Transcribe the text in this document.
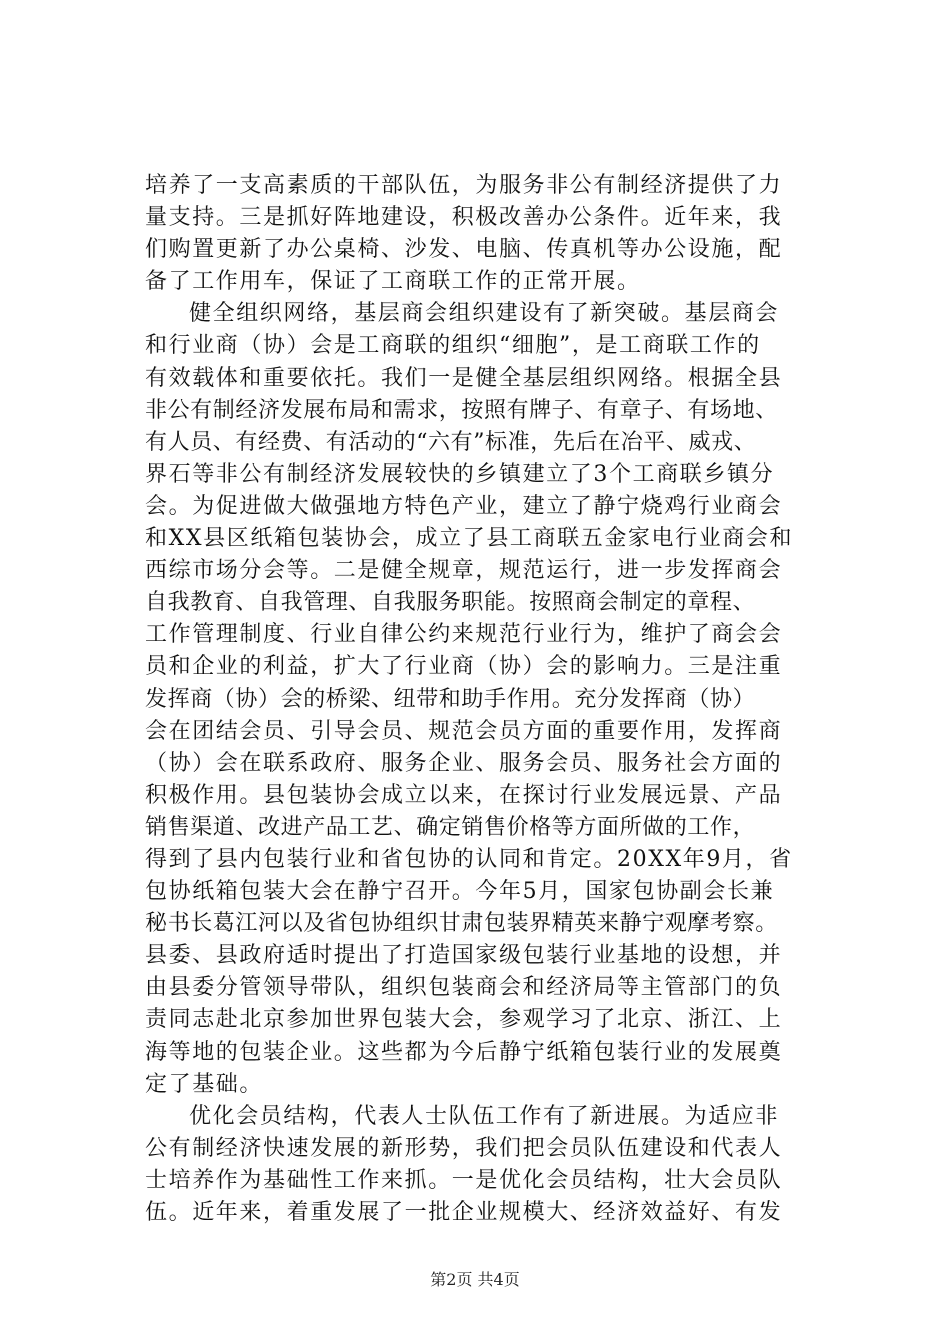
培养了一支高素质的干部队伍，为服务非公有制经济提供了力
量支持。三是抓好阵地建设，积极改善办公条件。近年来，我
们购置更新了办公桌椅、沙发、电脑、传真机等办公设施，配
备了工作用车，保证了工商联工作的正常开展。
健全组织网络，基层商会组织建设有了新突破。基层商会
和行业商（协）会是工商联的组织“细胞”，是工商联工作的
有效载体和重要依托。我们一是健全基层组织网络。根据全县
非公有制经济发展布局和需求，按照有牌子、有章子、有场地、
有人员、有经费、有活动的“六有”标准，先后在冶平、威戎、
界石等非公有制经济发展较快的乡镇建立了3个工商联乡镇分
会。为促进做大做强地方特色产业，建立了静宁烧鸡行业商会
和XX县区纸箱包装协会，成立了县工商联五金家电行业商会和
西综市场分会等。二是健全规章，规范运行，进一步发挥商会
自我教育、自我管理、自我服务职能。按照商会制定的章程、
工作管理制度、行业自律公约来规范行业行为，维护了商会会
员和企业的利益，扩大了行业商（协）会的影响力。三是注重
发挥商（协）会的桥梁、纽带和助手作用。充分发挥商（协）
会在团结会员、引导会员、规范会员方面的重要作用，发挥商
（协）会在联系政府、服务企业、服务会员、服务社会方面的
积极作用。县包装协会成立以来，在探讨行业发展远景、产品
销售渠道、改进产品工艺、确定销售价格等方面所做的工作，
得到了县内包装行业和省包协的认同和肯定。20XX年9月，省
包协纸箱包装大会在静宁召开。今年5月，国家包协副会长兼
秘书长葛江河以及省包协组织甘肃包装界精英来静宁观摩考察。
县委、县政府适时提出了打造国家级包装行业基地的设想，并
由县委分管领导带队，组织包装商会和经济局等主管部门的负
责同志赴北京参加世界包装大会，参观学习了北京、浙江、上
海等地的包装企业。这些都为今后静宁纸箱包装行业的发展奠
定了基础。
优化会员结构，代表人士队伍工作有了新进展。为适应非
公有制经济快速发展的新形势，我们把会员队伍建设和代表人
士培养作为基础性工作来抓。一是优化会员结构，壮大会员队
伍。近年来，着重发展了一批企业规模大、经济效益好、有发
第2页 共4页
